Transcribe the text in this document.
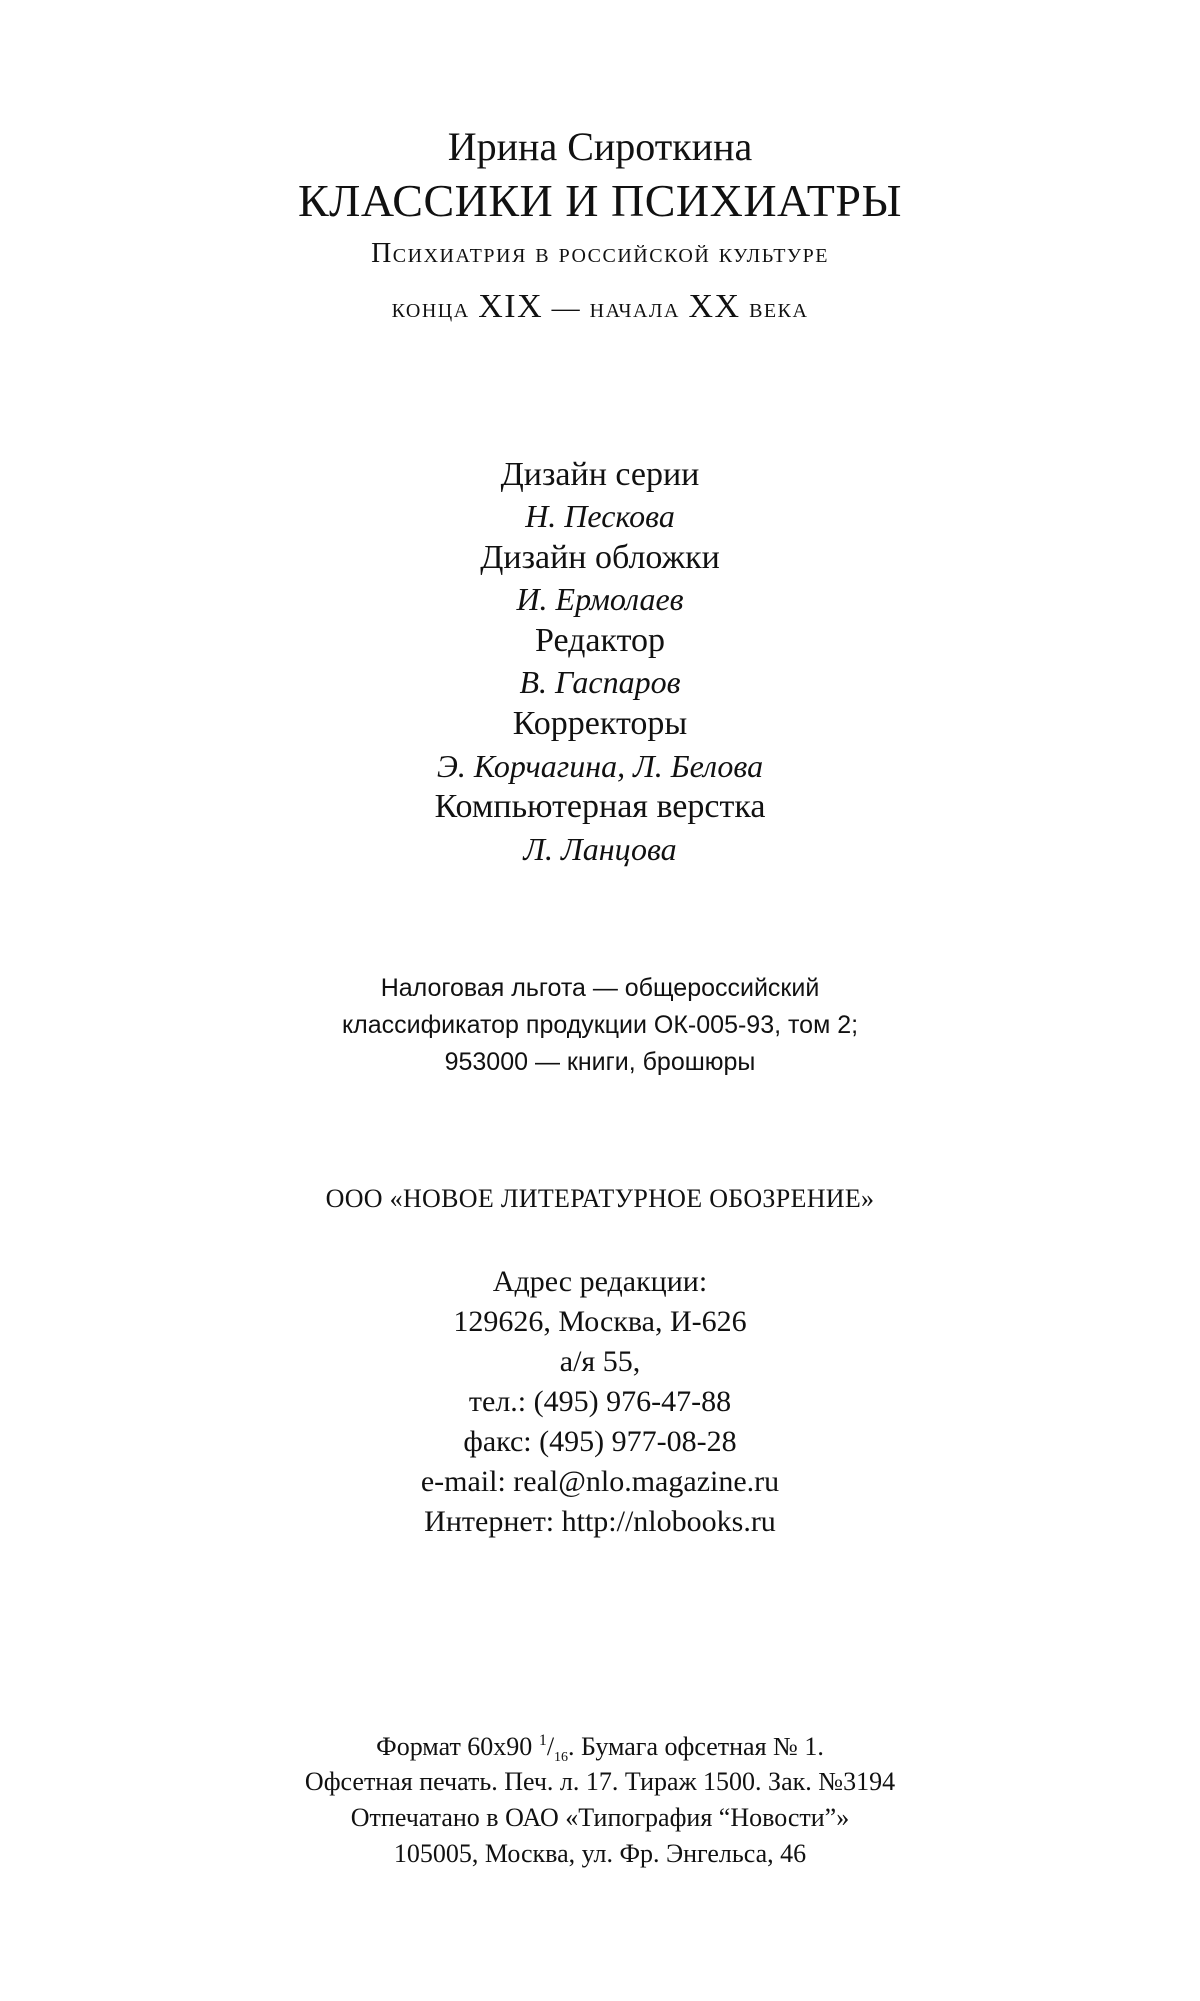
Ирина Сироткина
КЛАССИКИ И ПСИХИАТРЫ
Психиатрия в российской культуре
конца XIX — начала XX века
Дизайн серии
Н. Пескова
Дизайн обложки
И. Ермолаев
Редактор
В. Гаспаров
Корректоры
Э. Корчагина, Л. Белова
Компьютерная верстка
Л. Ланцова
Налоговая льгота — общероссийский
классификатор продукции ОК-005-93, том 2;
953000 — книги, брошюры
ООО «НОВОЕ ЛИТЕРАТУРНОЕ ОБОЗРЕНИЕ»
Адрес редакции:
129626, Москва, И-626
а/я 55,
тел.: (495) 976-47-88
факс: (495) 977-08-28
e-mail: real@nlo.magazine.ru
Интернет: http://nlobooks.ru
Формат 60x90 $^1/_{16}$. Бумага офсетная № 1.
Офсетная печать. Печ. л. 17. Тираж 1500. Зак. №3194
Отпечатано в ОАО «Типография “Новости”»
105005, Москва, ул. Фр. Энгельса, 46
